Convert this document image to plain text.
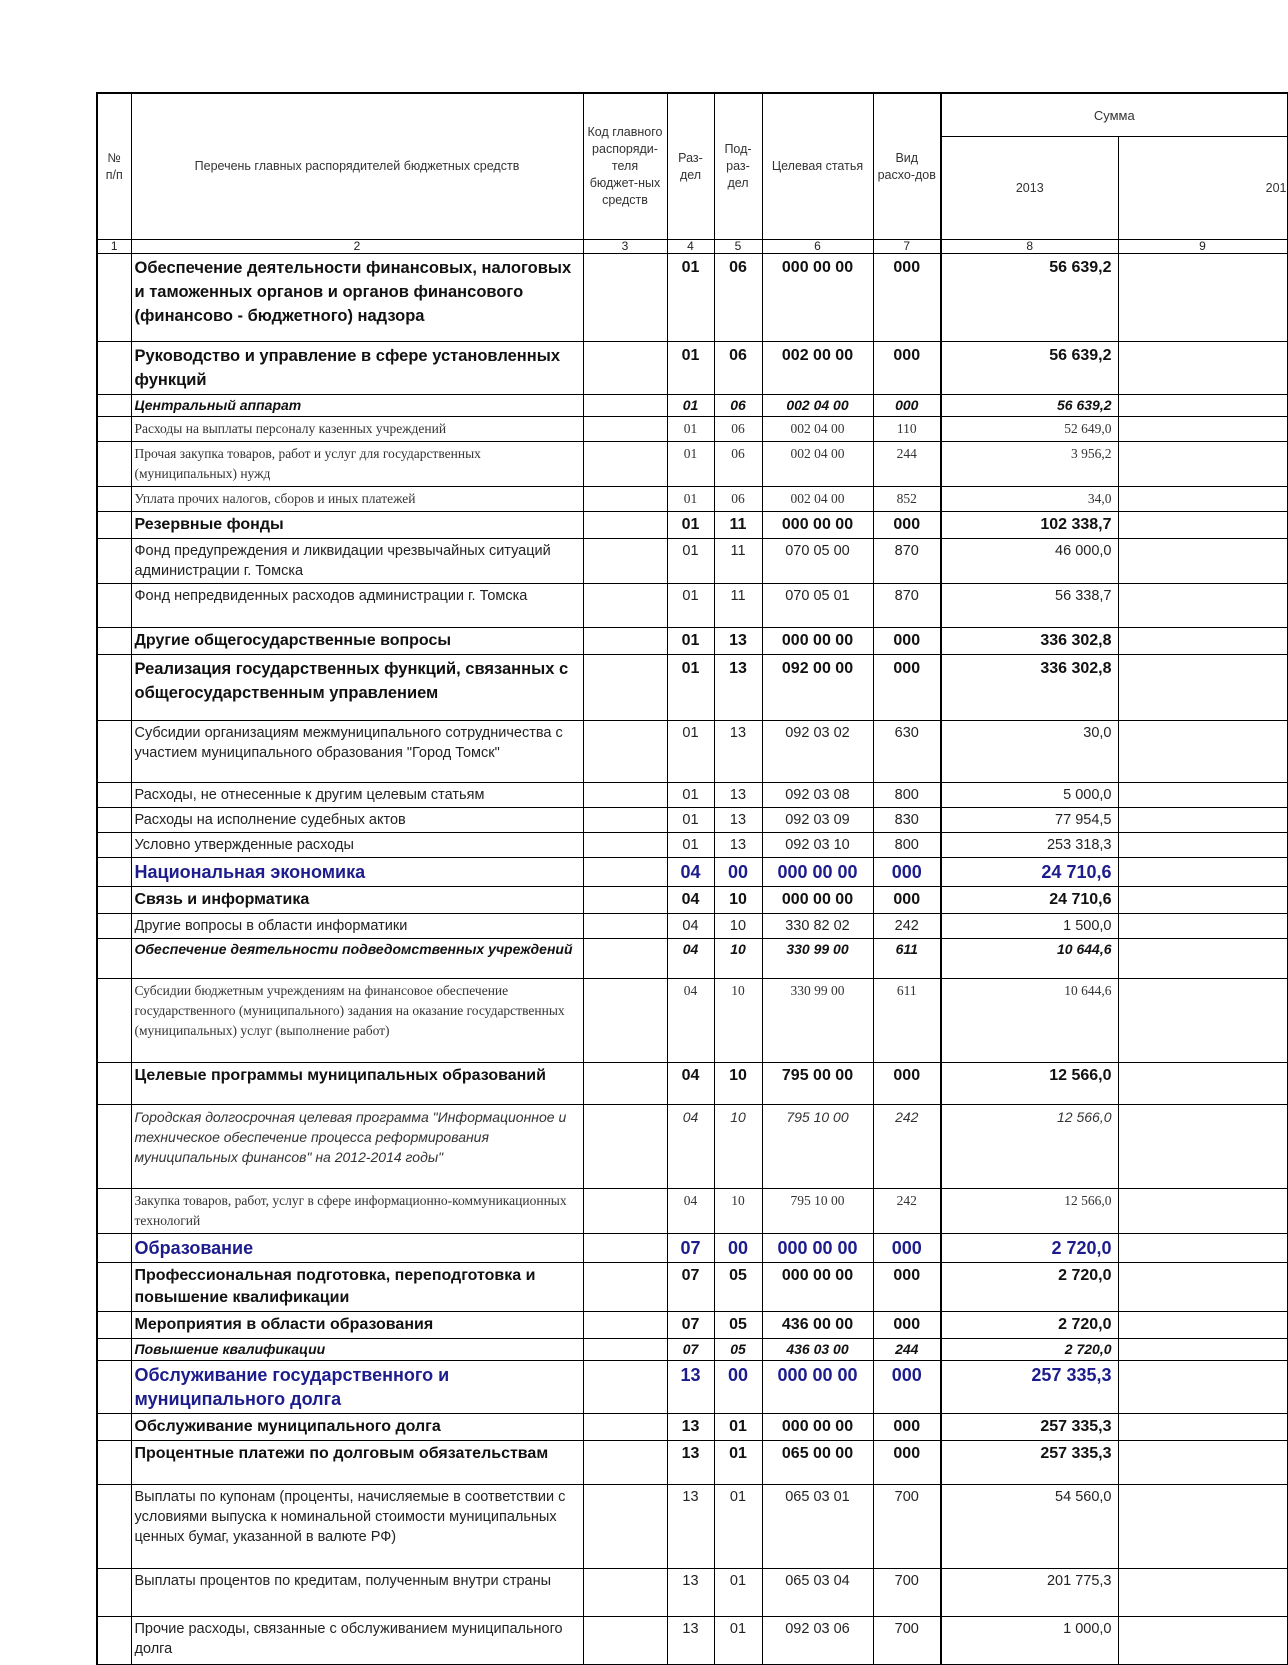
№ п/п	Перечень главных распорядителей бюджетных средств	Код главного распоряди-теля бюджет-ных средств	Раз-дел	Под-раз-дел	Целевая статья	Вид расхо-дов	Сумма	
							2013	201
1	2	3	4	5	6	7	8	9
	Обеспечение деятельности финансовых, налоговых и таможенных органов и органов финансового (финансово - бюджетного) надзора		01	06	000 00 00	000	56 639,2	
	Руководство и управление в сфере установленных функций		01	06	002 00 00	000	56 639,2	
	Центральный аппарат		01	06	002 04 00	000	56 639,2	
	Расходы на выплаты персоналу казенных учреждений		01	06	002 04 00	110	52 649,0	
	Прочая закупка товаров, работ и услуг для государственных (муниципальных) нужд		01	06	002 04 00	244	3 956,2	
	Уплата прочих налогов, сборов и иных платежей		01	06	002 04 00	852	34,0	
	Резервные фонды		01	11	000 00 00	000	102 338,7	
	Фонд предупреждения и ликвидации чрезвычайных ситуаций администрации г. Томска		01	11	070 05 00	870	46 000,0	
	Фонд непредвиденных расходов администрации г. Томска		01	11	070 05 01	870	56 338,7	
	Другие общегосударственные вопросы		01	13	000 00 00	000	336 302,8	
	Реализация государственных функций, связанных с общегосударственным управлением		01	13	092 00 00	000	336 302,8	
	Субсидии организациям межмуниципального сотрудничества с участием муниципального образования "Город Томск"		01	13	092 03 02	630	30,0	
	Расходы, не отнесенные к другим целевым статьям		01	13	092 03 08	800	5 000,0	
	Расходы на исполнение судебных актов		01	13	092 03 09	830	77 954,5	
	Условно утвержденные расходы		01	13	092 03 10	800	253 318,3	
	Национальная экономика		04	00	000 00 00	000	24 710,6	
	Связь и информатика		04	10	000 00 00	000	24 710,6	
	Другие вопросы в области информатики		04	10	330 82 02	242	1 500,0	
	Обеспечение деятельности подведомственных учреждений		04	10	330 99 00	611	10 644,6	
	Субсидии бюджетным учреждениям на финансовое обеспечение государственного (муниципального) задания на оказание государственных (муниципальных) услуг (выполнение работ)		04	10	330 99 00	611	10 644,6	
	Целевые программы муниципальных образований		04	10	795 00 00	000	12 566,0	
	Городская долгосрочная целевая программа "Информационное и техническое обеспечение процесса реформирования муниципальных финансов" на 2012-2014 годы"		04	10	795 10 00	242	12 566,0	
	Закупка товаров, работ, услуг в сфере информационно-коммуникационных технологий		04	10	795 10 00	242	12 566,0	
	Образование		07	00	000 00 00	000	2 720,0	
	Профессиональная подготовка, переподготовка и повышение квалификации		07	05	000 00 00	000	2 720,0	
	Мероприятия в области образования		07	05	436 00 00	000	2 720,0	
	Повышение квалификации		07	05	436 03 00	244	2 720,0	
	Обслуживание государственного и муниципального долга		13	00	000 00 00	000	257 335,3	
	Обслуживание муниципального долга		13	01	000 00 00	000	257 335,3	
	Процентные платежи по долговым обязательствам		13	01	065 00 00	000	257 335,3	
	Выплаты по купонам (проценты, начисляемые в соответствии с условиями выпуска к номинальной стоимости муниципальных ценных бумаг, указанной в валюте РФ)		13	01	065 03 01	700	54 560,0	
	Выплаты процентов по кредитам, полученным внутри страны		13	01	065 03 04	700	201 775,3	
	Прочие расходы, связанные с обслуживанием муниципального долга		13	01	092 03 06	700	1 000,0	
